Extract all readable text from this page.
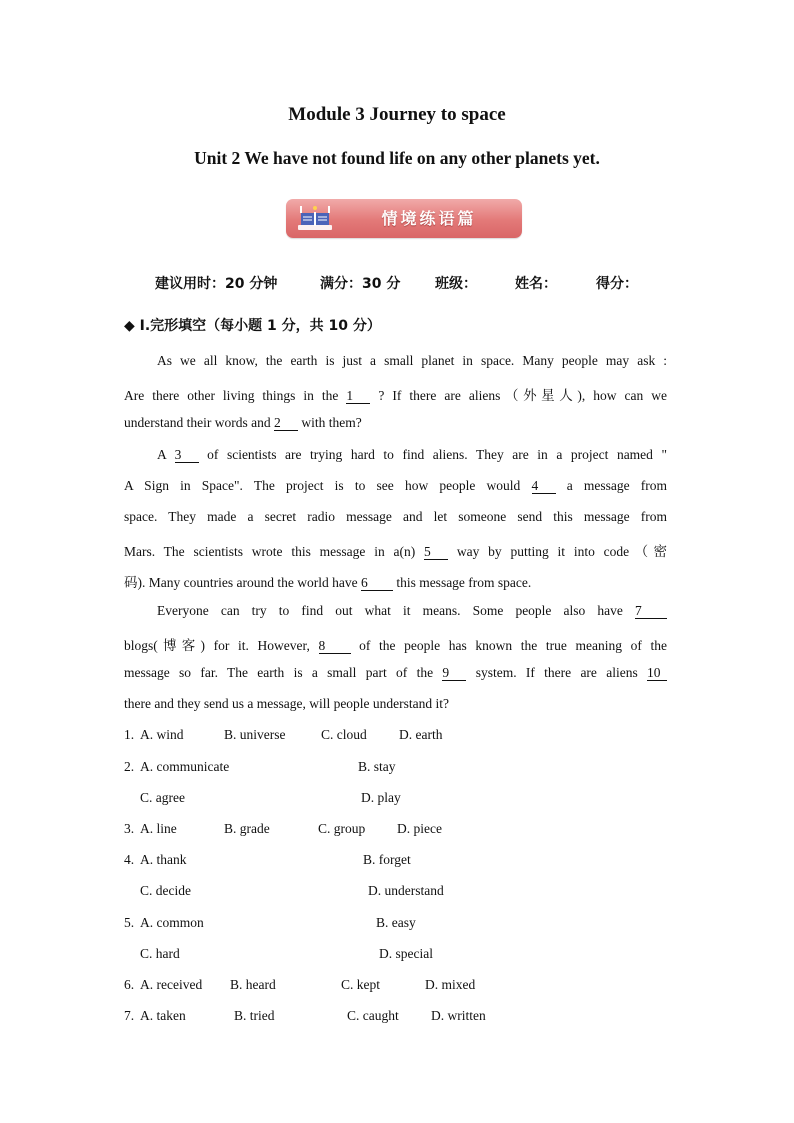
Module 3 Journey to space
Unit 2 We have not found life on any other planets yet.
情境练语篇
建议用时：20 分钟	满分：30 分 班级：	姓名：	得分：
◆ I.完形填空（每小题 1 分，共 10 分）
As we all know, the earth is just a small planet in space. Many people may ask :
Are there other living things in the 1 ? If there are aliens（外星人), how can we
understand their words and 2 with them?
A 3 of scientists are trying hard to find aliens. They are in a project named "
A Sign in Space". The project is to see how people would 4 a message from
space. They made a secret radio message and let someone send this message from
Mars. The scientists wrote this message in a(n) 5 way by putting it into code（密
码). Many countries around the world have 6 this message from space.
Everyone can try to find out what it means. Some people also have 7
blogs(博客) for it. However, 8	of the people has known the true meaning of the
message so far. The earth is a small part of the 9 system. If there are aliens 10
there and they send us a message, will people understand it?
1. A. wind	B. universe	C. cloud D. earth
2. A. communicate	B. stay
C. agree	D. play
3. A. line	B. grade	C. group D. piece
4. A. thank	B. forget
C. decide	D. understand
5. A. common	B. easy
C. hard	D. special
6. A. received B. heard	C. kept	D. mixed
7. A. taken	B. tried	C. caught D. written
